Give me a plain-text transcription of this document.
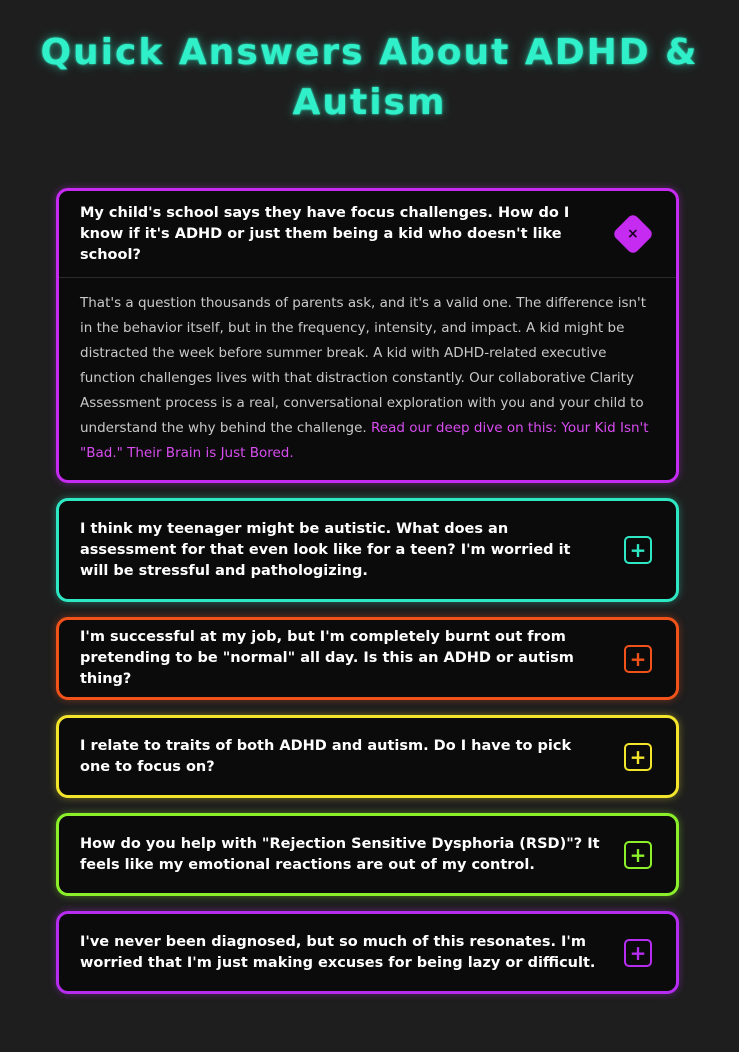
Quick Answers About ADHD & Autism
My child's school says they have focus challenges. How do I know if it's ADHD or just them being a kid who doesn't like school?
×
That's a question thousands of parents ask, and it's a valid one. The difference isn't in the behavior itself, but in the frequency, intensity, and impact. A kid might be distracted the week before summer break. A kid with ADHD-related executive function challenges lives with that distraction constantly. Our collaborative Clarity Assessment process is a real, conversational exploration with you and your child to understand the why behind the challenge. Read our deep dive on this: Your Kid Isn't "Bad." Their Brain is Just Bored.
I think my teenager might be autistic. What does an assessment for that even look like for a teen? I'm worried it will be stressful and pathologizing.
+
I'm successful at my job, but I'm completely burnt out from pretending to be "normal" all day. Is this an ADHD or autism thing?
+
I relate to traits of both ADHD and autism. Do I have to pick one to focus on?	+
How do you help with "Rejection Sensitive Dysphoria (RSD)"? It feels like my emotional reactions are out of my control.	+
I've never been diagnosed, but so much of this resonates. I'm worried that I'm just making excuses for being lazy or difficult. +
